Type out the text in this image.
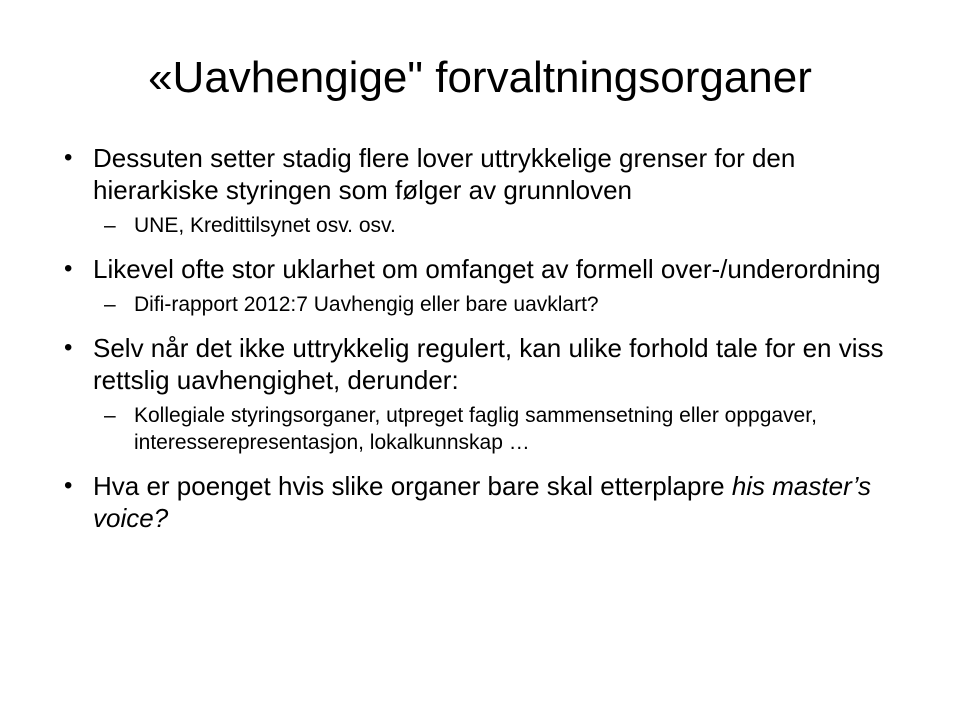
«Uavhengige" forvaltningsorganer

• Dessuten setter stadig flere lover uttrykkelige grenser for den hierarkiske styringen som følger av grunnloven

– UNE, Kredittilsynet osv. osv.

• Likevel ofte stor uklarhet om omfanget av formell over-/underordning

– Difi-rapport 2012:7 Uavhengig eller bare uavklart?

• Selv når det ikke uttrykkelig regulert, kan ulike forhold tale for en viss rettslig uavhengighet, derunder:

– Kollegiale styringsorganer, utpreget faglig sammensetning eller oppgaver, interesserepresentasjon, lokalkunnskap …

• Hva er poenget hvis slike organer bare skal etterplapre his master’s voice?
